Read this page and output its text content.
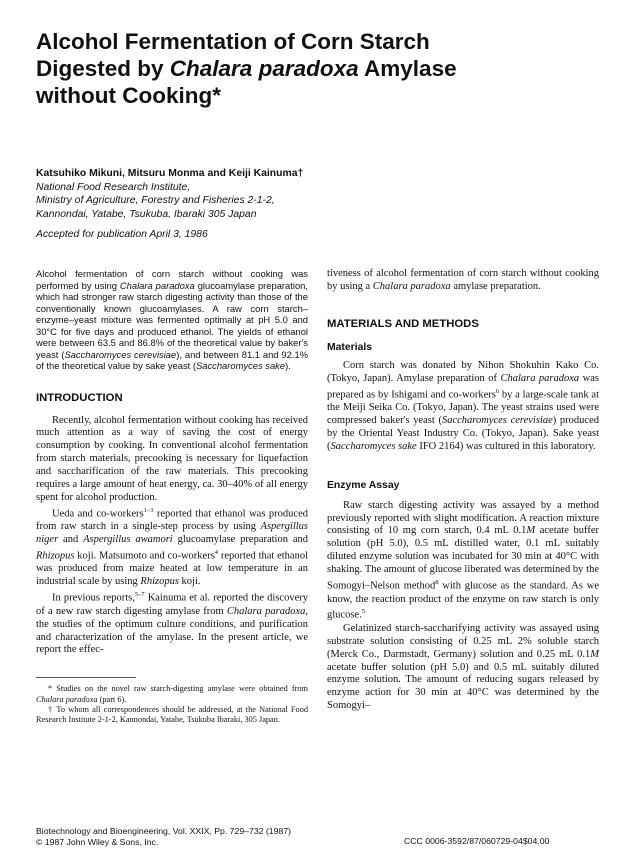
Alcohol Fermentation of Corn Starch
Digested by Chalara paradoxa Amylase
without Cooking*
Katsuhiko Mikuni, Mitsuru Monma and Keiji Kainuma†
National Food Research Institute,
Ministry of Agriculture, Forestry and Fisheries 2-1-2,
Kannondai, Yatabe, Tsukuba, Ibaraki 305 Japan
Accepted for publication April 3, 1986

Alcohol fermentation of corn starch without cooking was performed by using Chalara paradoxa glucoamylase preparation, which had stronger raw starch digesting activity than those of the conventionally known glucoamylases. A raw corn starch–enzyme–yeast mixture was fermented optimally at pH 5.0 and 30°C for five days and produced ethanol. The yields of ethanol were between 63.5 and 86.8% of the theoretical value by baker's yeast (Saccharomyces cerevisiae), and between 81.1 and 92.1% of the theoretical value by sake yeast (Saccharomyces sake).

INTRODUCTION

Recently, alcohol fermentation without cooking has received much attention as a way of saving the cost of energy consumption by cooking. In conventional alcohol fermentation from starch materials, precooking is necessary for liquefaction and saccharification of the raw materials. This precooking requires a large amount of heat energy, ca. 30–40% of all energy spent for alcohol production.

Ueda and co-workers$^{1-3}$ reported that ethanol was produced from raw starch in a single-step process by using Aspergillus niger and Aspergillus awamori glucoamylase preparation and Rhizopus koji. Matsumoto and co-workers$^4$ reported that ethanol was produced from maize heated at low temperature in an industrial scale by using Rhizopus koji.

In previous reports,$^{5-7}$ Kainuma et al. reported the discovery of a new raw starch digesting amylase from Chalara paradoxa, the studies of the optimum culture conditions, and purification and characterization of the amylase. In the present article, we report the effec-

* Studies on the novel raw starch-digesting amylase were obtained from Chalara paradoxa (part 6).

† To whom all correspondences should be addressed, at the National Food Research Institute 2-1-2, Kannondai, Yatabe, Tsukuba Ibaraki, 305 Japan.

tiveness of alcohol fermentation of corn starch without cooking by using a Chalara paradoxa amylase preparation.

MATERIALS AND METHODS

Materials

Corn starch was donated by Nihon Shokuhin Kako Co. (Tokyo, Japan). Amylase preparation of Chalara paradoxa was prepared as by Ishigami and co-workers$^6$ by a large-scale tank at the Meiji Seika Co. (Tokyo, Japan). The yeast strains used were compressed baker's yeast (Saccharomyces cerevisiae) produced by the Oriental Yeast Industry Co. (Tokyo, Japan). Sake yeast (Saccharomyces sake IFO 2164) was cultured in this laboratory.

Enzyme Assay

Raw starch digesting activity was assayed by a method previously reported with slight modification. A reaction mixture consisting of 10 mg corn starch, 0.4 mL 0.1M acetate buffer solution (pH 5.0), 0.5 mL distilled water, 0.1 mL suitably diluted enzyme solution was incubated for 30 min at 40°C with shaking. The amount of glucose liberated was determined by the Somogyi–Nelson method$^8$ with glucose as the standard. As we know, the reaction product of the enzyme on raw starch is only glucose.$^5$

Gelatinized starch-saccharifying activity was assayed using substrate solution consisting of 0.25 mL 2% soluble starch (Merck Co., Darmstadt, Germany) solution and 0.25 mL 0.1M acetate buffer solution (pH 5.0) and 0.5 mL suitably diluted enzyme solution. The amount of reducing sugars released by enzyme action for 30 min at 40°C was determined by the Somogyi–

Biotechnology and Bioengineering, Vol. XXIX, Pp. 729–732 (1987)
© 1987 John Wiley & Sons, Inc.	CCC 0006-3592/87/060729-04$04.00
